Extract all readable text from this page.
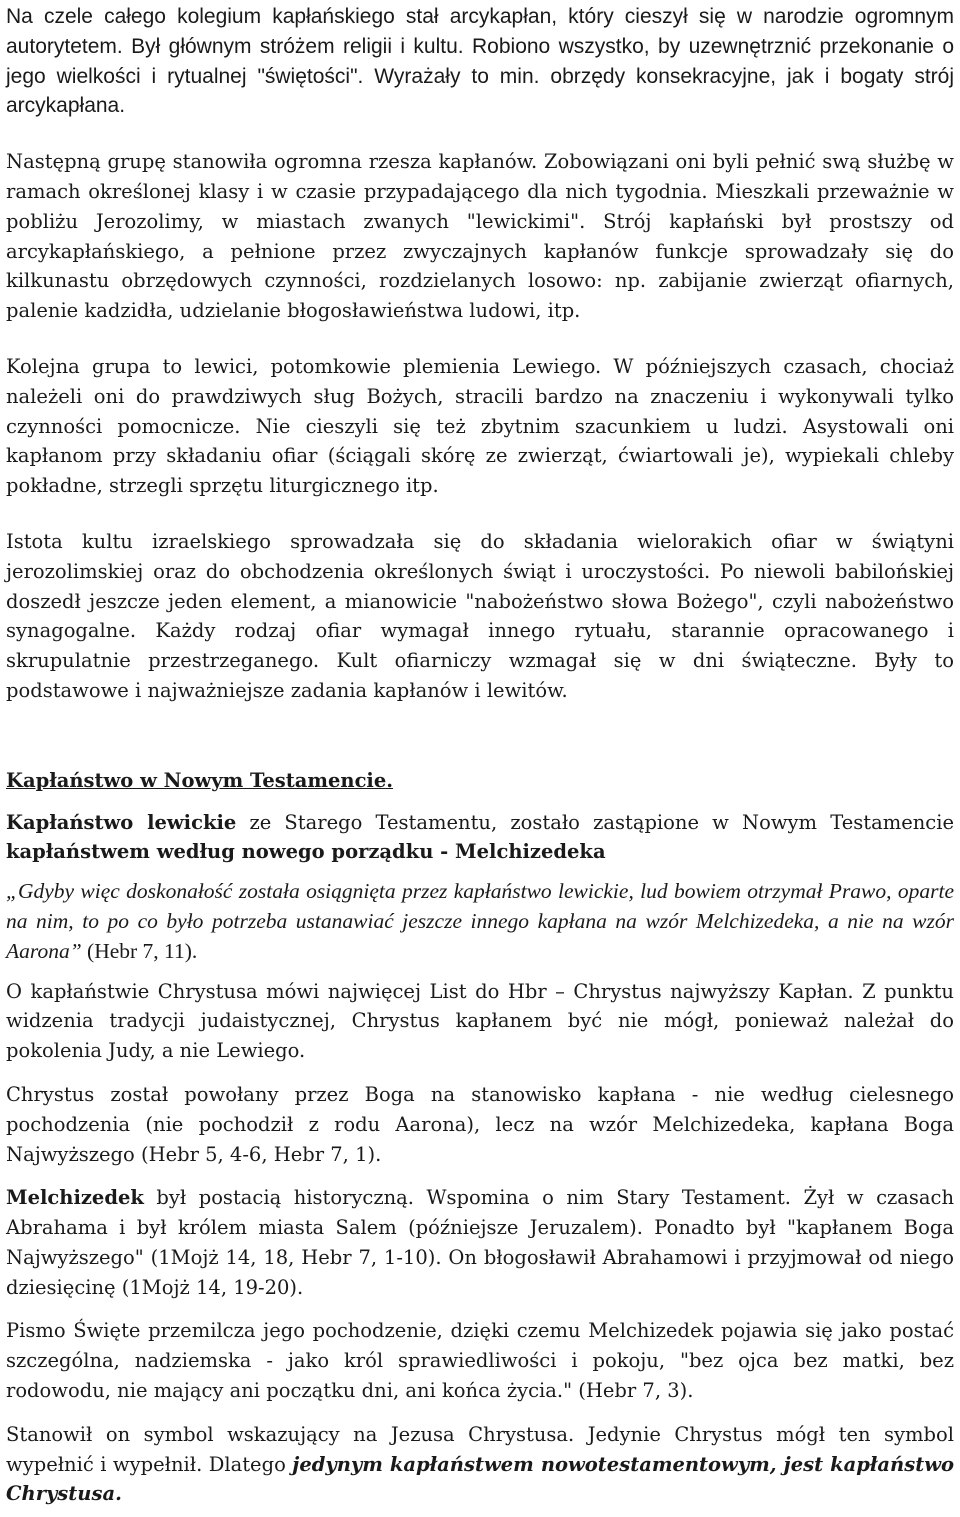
Na czele całego kolegium kapłańskiego stał arcykapłan, który cieszył się w narodzie ogromnym autorytetem. Był głównym stróżem religii i kultu. Robiono wszystko, by uzewnętrznić przekonanie o jego wielkości i rytualnej "świętości". Wyrażały to min. obrzędy konsekracyjne, jak i bogaty strój arcykapłana.

Następną grupę stanowiła ogromna rzesza kapłanów. Zobowiązani oni byli pełnić swą służbę w ramach określonej klasy i w czasie przypadającego dla nich tygodnia. Mieszkali przeważnie w pobliżu Jerozolimy, w miastach zwanych "lewickimi". Strój kapłański był prostszy od arcykapłańskiego, a pełnione przez zwyczajnych kapłanów funkcje sprowadzały się do kilkunastu obrzędowych czynności, rozdzielanych losowo: np. zabijanie zwierząt ofiarnych, palenie kadzidła, udzielanie błogosławieństwa ludowi, itp.

Kolejna grupa to lewici, potomkowie plemienia Lewiego. W późniejszych czasach, chociaż należeli oni do prawdziwych sług Bożych, stracili bardzo na znaczeniu i wykonywali tylko czynności pomocnicze. Nie cieszyli się też zbytnim szacunkiem u ludzi. Asystowali oni kapłanom przy składaniu ofiar (ściągali skórę ze zwierząt, ćwiartowali je), wypiekali chleby pokładne, strzegli sprzętu liturgicznego itp.

Istota kultu izraelskiego sprowadzała się do składania wielorakich ofiar w świątyni jerozolimskiej oraz do obchodzenia określonych świąt i uroczystości. Po niewoli babilońskiej doszedł jeszcze jeden element, a mianowicie "nabożeństwo słowa Bożego", czyli nabożeństwo synagogalne. Każdy rodzaj ofiar wymagał innego rytuału, starannie opracowanego i skrupulatnie przestrzeganego. Kult ofiarniczy wzmagał się w dni świąteczne. Były to podstawowe i najważniejsze zadania kapłanów i lewitów.

Kapłaństwo w Nowym Testamencie.

Kapłaństwo lewickie ze Starego Testamentu, zostało zastąpione w Nowym Testamencie kapłaństwem według nowego porządku - Melchizedeka

„Gdyby więc doskonałość została osiągnięta przez kapłaństwo lewickie, lud bowiem otrzymał Prawo, oparte na nim, to po co było potrzeba ustanawiać jeszcze innego kapłana na wzór Melchizedeka, a nie na wzór Aarona” (Hebr 7, 11).

O kapłaństwie Chrystusa mówi najwięcej List do Hbr – Chrystus najwyższy Kapłan. Z punktu widzenia tradycji judaistycznej, Chrystus kapłanem być nie mógł, ponieważ należał do pokolenia Judy, a nie Lewiego.

Chrystus został powołany przez Boga na stanowisko kapłana - nie według cielesnego pochodzenia (nie pochodził z rodu Aarona), lecz na wzór Melchizedeka, kapłana Boga Najwyższego (Hebr 5, 4-6, Hebr 7, 1).

Melchizedek był postacią historyczną. Wspomina o nim Stary Testament. Żył w czasach Abrahama i był królem miasta Salem (późniejsze Jeruzalem). Ponadto był "kapłanem Boga Najwyższego" (1Mojż 14, 18, Hebr 7, 1-10). On błogosławił Abrahamowi i przyjmował od niego dziesięcinę (1Mojż 14, 19-20).

Pismo Święte przemilcza jego pochodzenie, dzięki czemu Melchizedek pojawia się jako postać szczególna, nadziemska - jako król sprawiedliwości i pokoju, "bez ojca bez matki, bez rodowodu, nie mający ani początku dni, ani końca życia." (Hebr 7, 3).

Stanowił on symbol wskazujący na Jezusa Chrystusa. Jedynie Chrystus mógł ten symbol wypełnić i wypełnił. Dlatego jedynym kapłaństwem nowotestamentowym, jest kapłaństwo Chrystusa.
